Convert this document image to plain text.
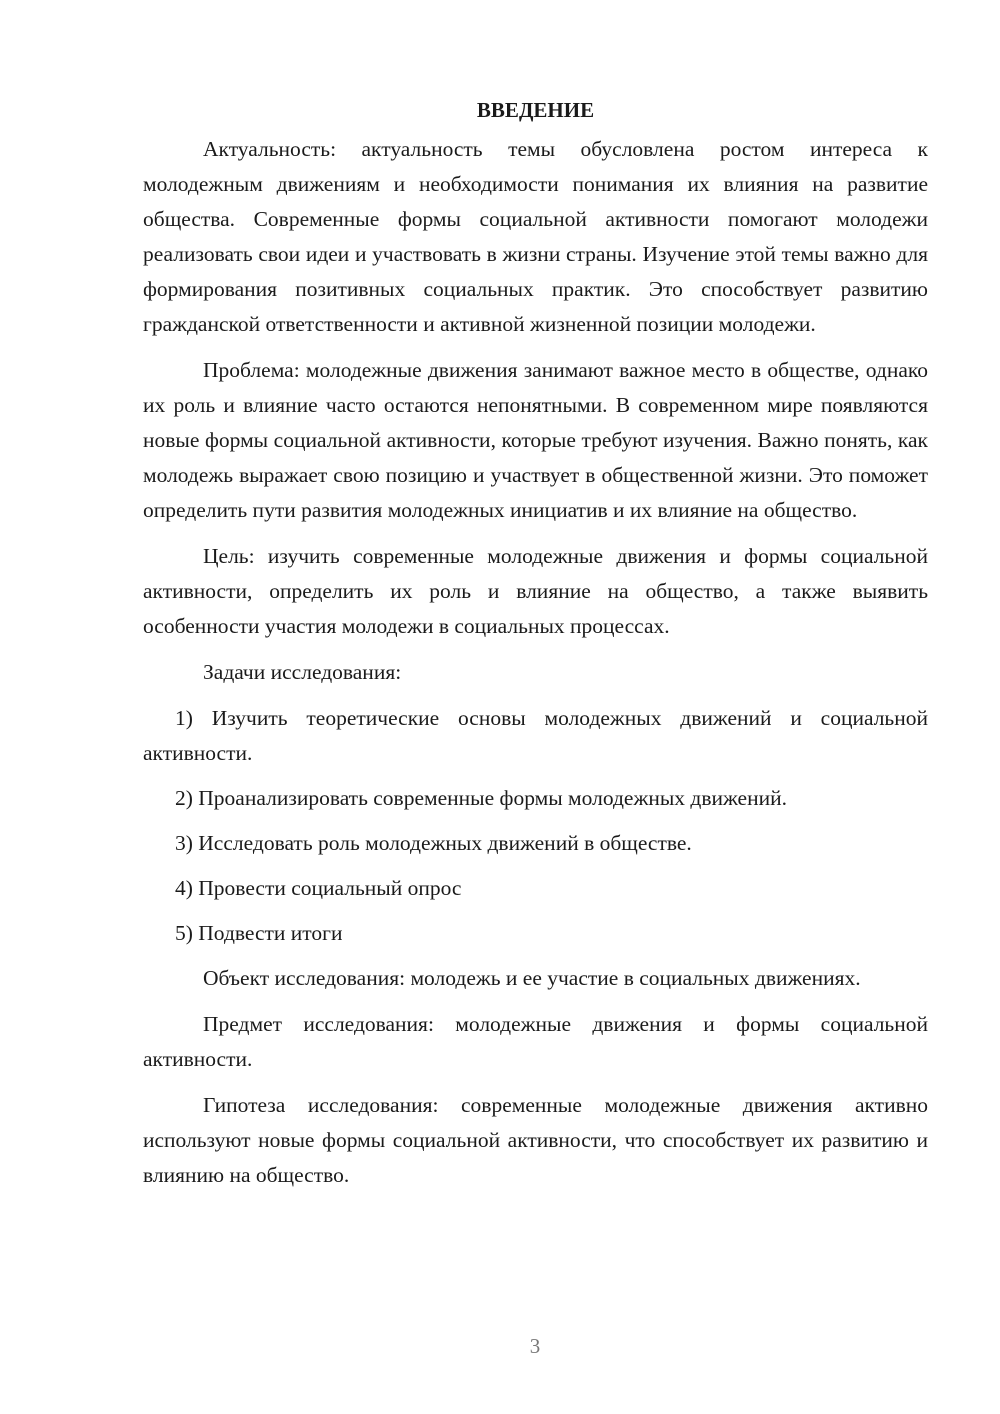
ВВЕДЕНИЕ

Актуальность: актуальность темы обусловлена ростом интереса к молодежным движениям и необходимости понимания их влияния на развитие общества. Современные формы социальной активности помогают молодежи реализовать свои идеи и участвовать в жизни страны. Изучение этой темы важно для формирования позитивных социальных практик. Это способствует развитию гражданской ответственности и активной жизненной позиции молодежи.

Проблема: молодежные движения занимают важное место в обществе, однако их роль и влияние часто остаются непонятными. В современном мире появляются новые формы социальной активности, которые требуют изучения. Важно понять, как молодежь выражает свою позицию и участвует в общественной жизни. Это поможет определить пути развития молодежных инициатив и их влияние на общество.

Цель: изучить современные молодежные движения и формы социальной активности, определить их роль и влияние на общество, а также выявить особенности участия молодежи в социальных процессах.

Задачи исследования:

1) Изучить теоретические основы молодежных движений и социальной активности.

2) Проанализировать современные формы молодежных движений.

3) Исследовать роль молодежных движений в обществе.

4) Провести социальный опрос

5) Подвести итоги

Объект исследования: молодежь и ее участие в социальных движениях.

Предмет исследования: молодежные движения и формы социальной активности.

Гипотеза исследования: современные молодежные движения активно используют новые формы социальной активности, что способствует их развитию и влиянию на общество.

3
